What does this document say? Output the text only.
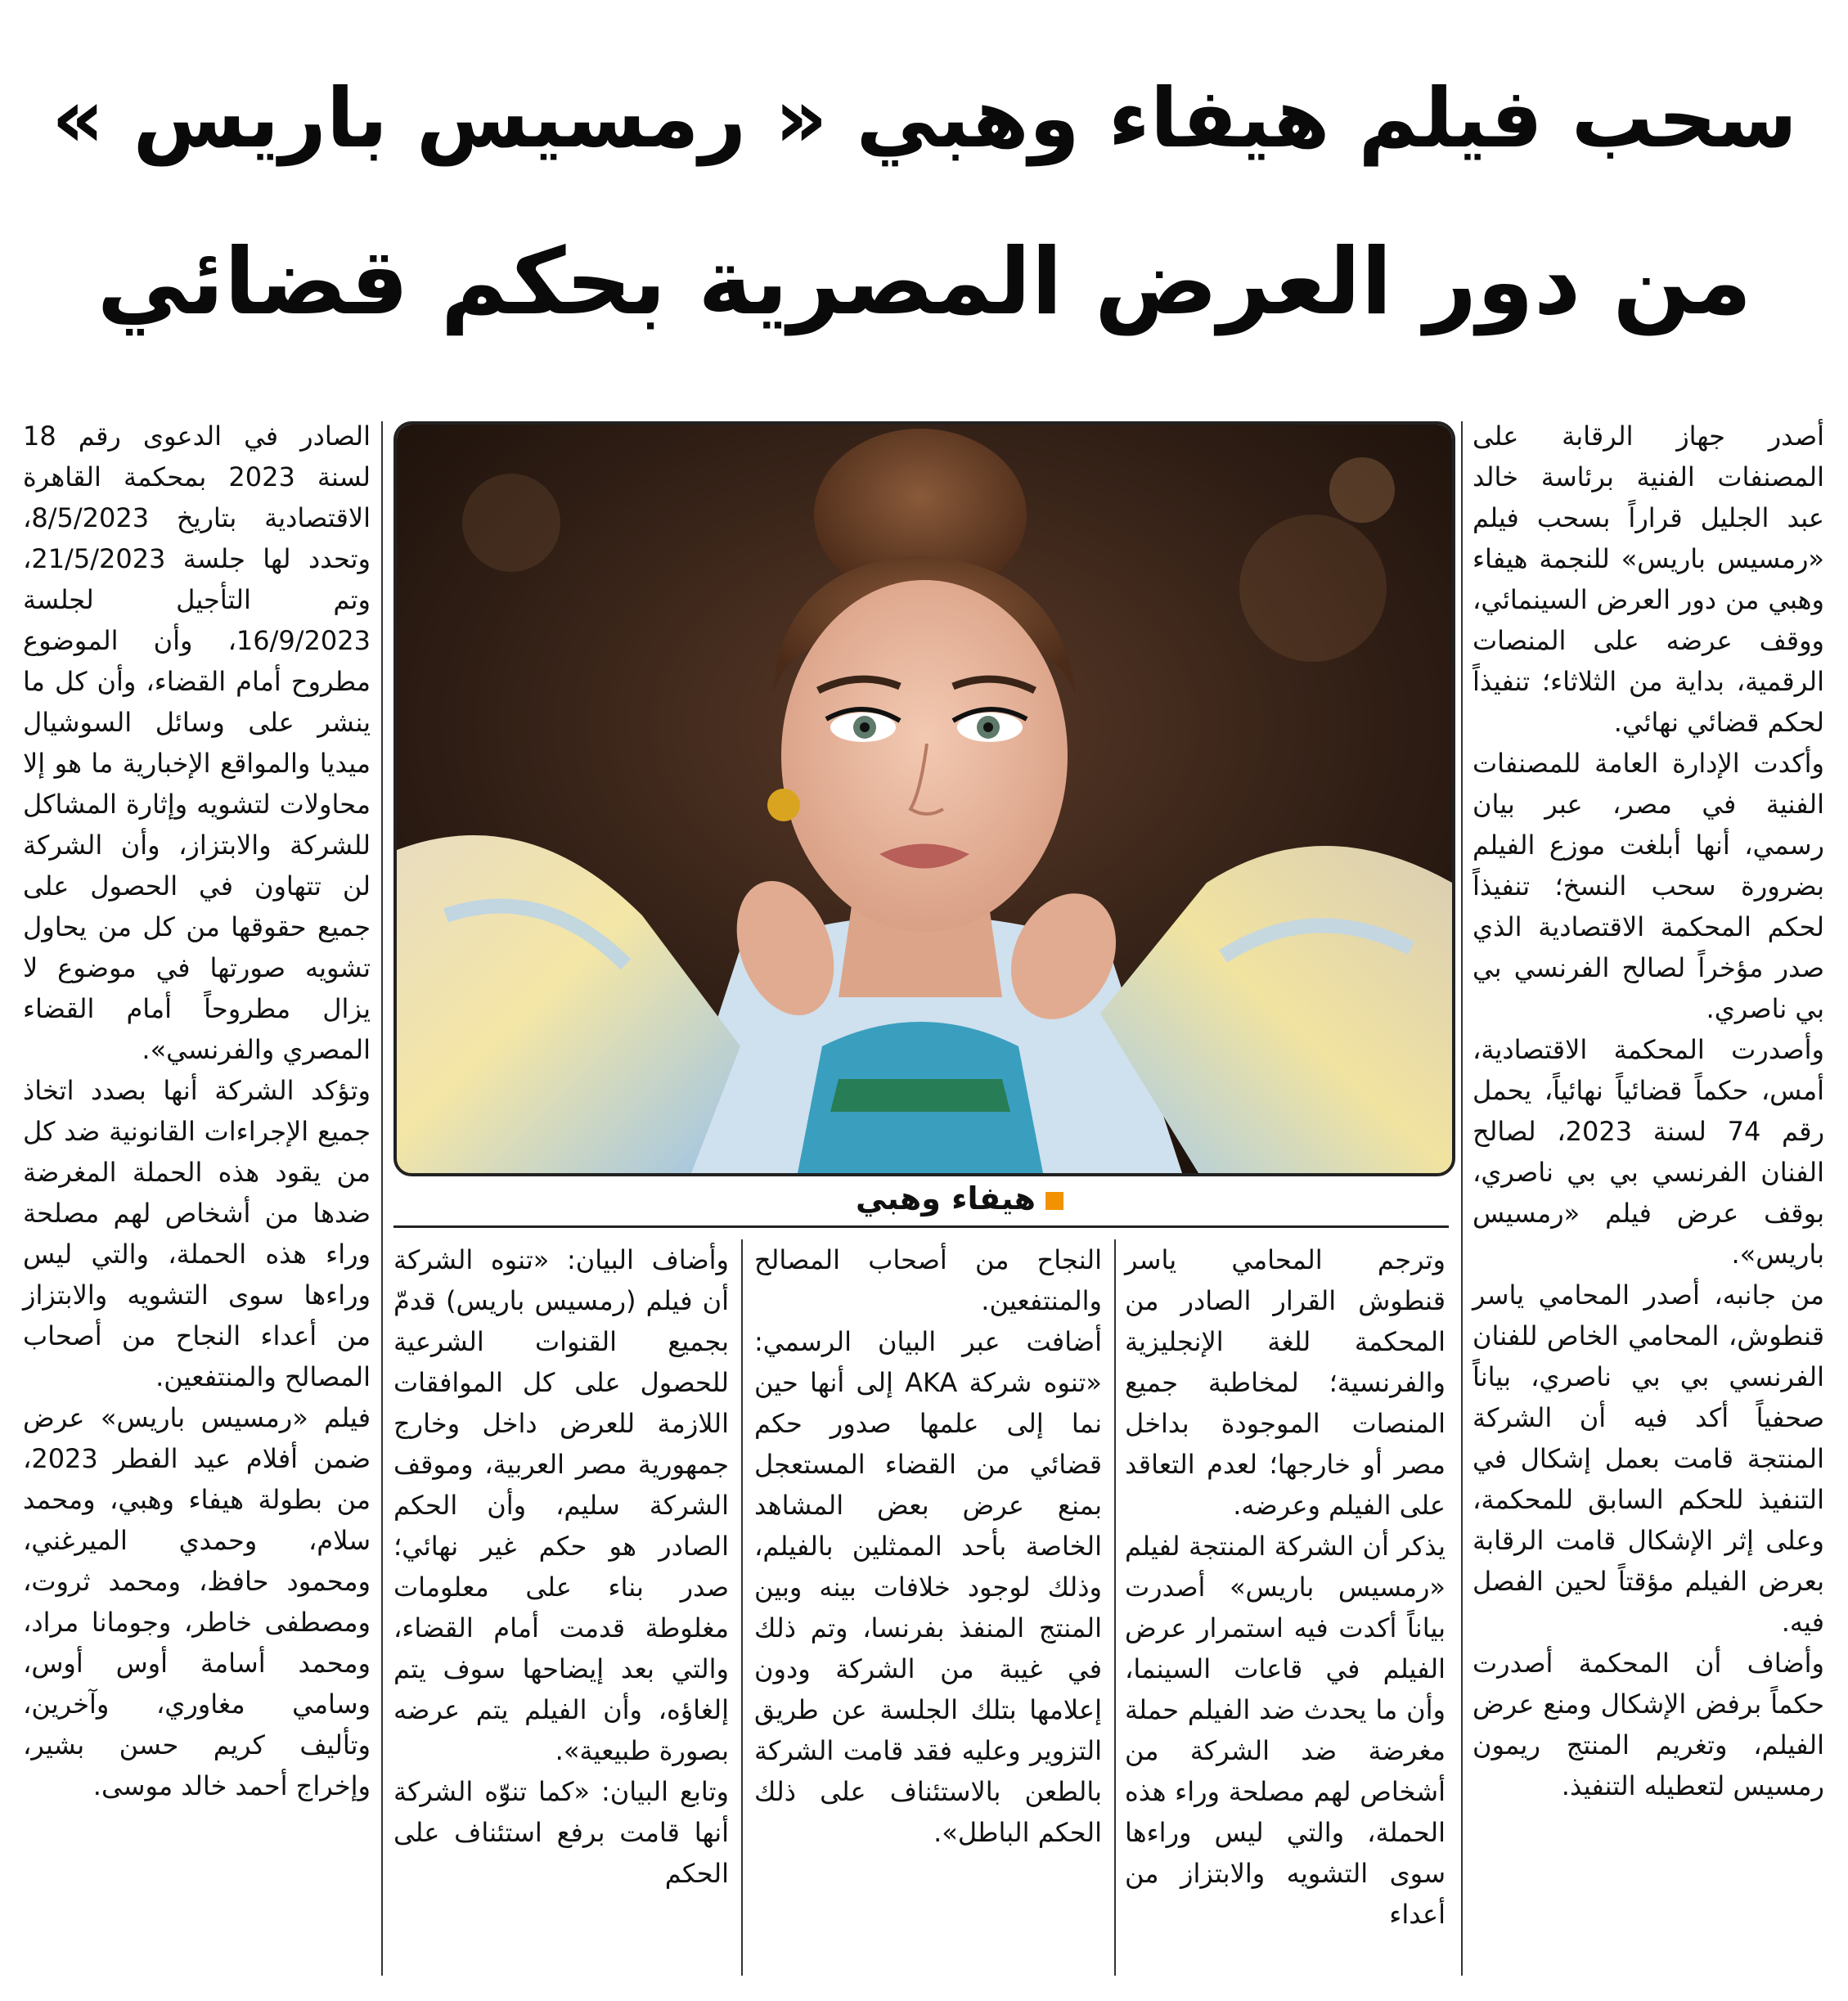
سحب فيلم هيفاء وهبي « رمسيس باريس »
من دور العرض المصرية بحكم قضائي

أصدر جهاز الرقابة على المصنفات الفنية برئاسة خالد عبد الجليل قراراً بسحب فيلم «رمسيس باريس» للنجمة هيفاء وهبي من دور العرض السينمائي، ووقف عرضه على المنصات الرقمية، بداية من الثلاثاء؛ تنفيذاً لحكم قضائي نهائي.

وأكدت الإدارة العامة للمصنفات الفنية في مصر، عبر بيان رسمي، أنها أبلغت موزع الفيلم بضرورة سحب النسخ؛ تنفيذاً لحكم المحكمة الاقتصادية الذي صدر مؤخراً لصالح الفرنسي بي بي ناصري.

وأصدرت المحكمة الاقتصادية، أمس، حكماً قضائياً نهائياً، يحمل رقم 74 لسنة 2023، لصالح الفنان الفرنسي بي بي ناصري، بوقف عرض فيلم «رمسيس باريس».

من جانبه، أصدر المحامي ياسر قنطوش، المحامي الخاص للفنان الفرنسي بي بي ناصري، بياناً صحفياً أكد فيه أن الشركة المنتجة قامت بعمل إشكال في التنفيذ للحكم السابق للمحكمة، وعلى إثر الإشكال قامت الرقابة بعرض الفيلم مؤقتاً لحين الفصل فيه.

وأضاف أن المحكمة أصدرت حكماً برفض الإشكال ومنع عرض الفيلم، وتغريم المنتج ريمون رمسيس لتعطيله التنفيذ.

هيفاء وهبي

وترجم المحامي ياسر قنطوش القرار الصادر من المحكمة للغة الإنجليزية والفرنسية؛ لمخاطبة جميع المنصات الموجودة بداخل مصر أو خارجها؛ لعدم التعاقد على الفيلم وعرضه.

يذكر أن الشركة المنتجة لفيلم «رمسيس باريس» أصدرت بياناً أكدت فيه استمرار عرض الفيلم في قاعات السينما، وأن ما يحدث ضد الفيلم حملة مغرضة ضد الشركة من أشخاص لهم مصلحة وراء هذه الحملة، والتي ليس وراءها سوى التشويه والابتزاز من أعداء

النجاح من أصحاب المصالح والمنتفعين.

أضافت عبر البيان الرسمي: «تنوه شركة AKA إلى أنها حين نما إلى علمها صدور حكم قضائي من القضاء المستعجل بمنع عرض بعض المشاهد الخاصة بأحد الممثلين بالفيلم، وذلك لوجود خلافات بينه وبين المنتج المنفذ بفرنسا، وتم ذلك في غيبة من الشركة ودون إعلامها بتلك الجلسة عن طريق التزوير وعليه فقد قامت الشركة بالطعن بالاستئناف على ذلك الحكم الباطل».

وأضاف البيان: «تنوه الشركة أن فيلم (رمسيس باريس) قدمّ بجميع القنوات الشرعية للحصول على كل الموافقات اللازمة للعرض داخل وخارج جمهورية مصر العربية، وموقف الشركة سليم، وأن الحكم الصادر هو حكم غير نهائي؛ صدر بناء على معلومات مغلوطة قدمت أمام القضاء، والتي بعد إيضاحها سوف يتم إلغاؤه، وأن الفيلم يتم عرضه بصورة طبيعية».

وتابع البيان: «كما تنوّه الشركة أنها قامت برفع استئناف على الحكم

الصادر في الدعوى رقم 18 لسنة 2023 بمحكمة القاهرة الاقتصادية بتاريخ 8/5/2023، وتحدد لها جلسة 21/5/2023، وتم التأجيل لجلسة 16/9/2023، وأن الموضوع مطروح أمام القضاء، وأن كل ما ينشر على وسائل السوشيال ميديا والمواقع الإخبارية ما هو إلا محاولات لتشويه وإثارة المشاكل للشركة والابتزاز، وأن الشركة لن تتهاون في الحصول على جميع حقوقها من كل من يحاول تشويه صورتها في موضوع لا يزال مطروحاً أمام القضاء المصري والفرنسي».

وتؤكد الشركة أنها بصدد اتخاذ جميع الإجراءات القانونية ضد كل من يقود هذه الحملة المغرضة ضدها من أشخاص لهم مصلحة وراء هذه الحملة، والتي ليس وراءها سوى التشويه والابتزاز من أعداء النجاح من أصحاب المصالح والمنتفعين.

فيلم «رمسيس باريس» عرض ضمن أفلام عيد الفطر 2023، من بطولة هيفاء وهبي، ومحمد سلام، وحمدي الميرغني، ومحمود حافظ، ومحمد ثروت، ومصطفى خاطر، وجومانا مراد، ومحمد أسامة أوس أوس، وسامي مغاوري، وآخرين، وتأليف كريم حسن بشير، وإخراج أحمد خالد موسى.
